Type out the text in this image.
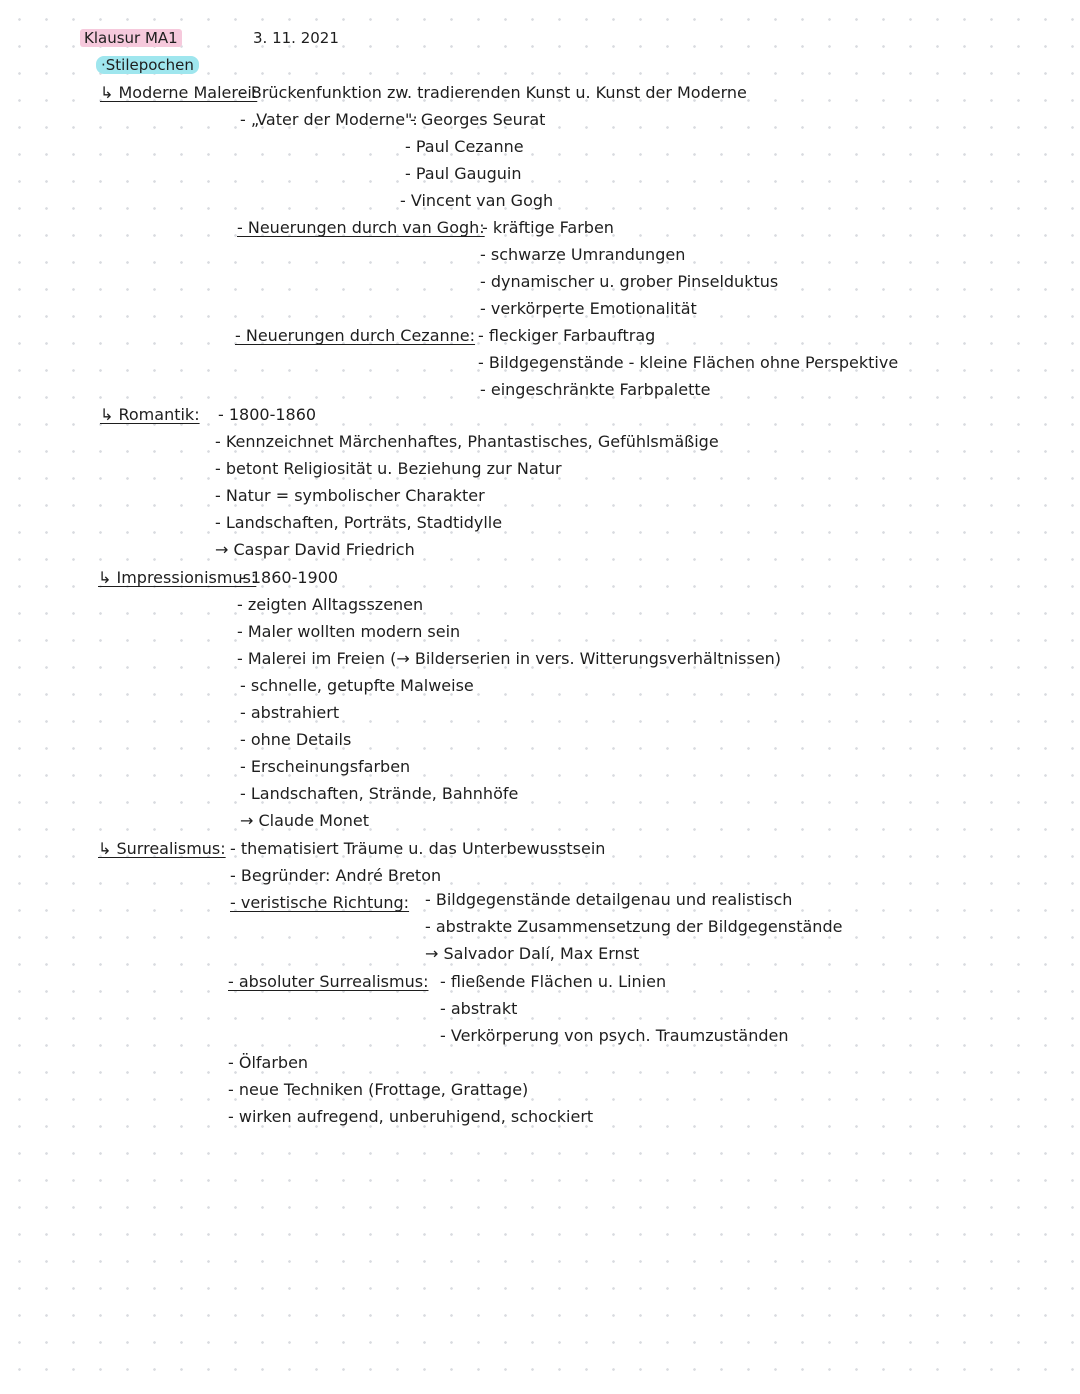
Klausur MA1	3. 11. 2021
·Stilepochen
↳ Moderne Malerei:
- Brückenfunktion zw. tradierenden Kunst u. Kunst der Moderne
- „Vater der Moderne":
- Georges Seurat
- Paul Cezanne
- Paul Gauguin
- Vincent van Gogh
- Neuerungen durch van Gogh:
- kräftige Farben
- schwarze Umrandungen
- dynamischer u. grober Pinselduktus
- verkörperte Emotionalität
- Neuerungen durch Cezanne: - fleckiger Farbauftrag
- Bildgegenstände - kleine Flächen ohne Perspektive
- eingeschränkte Farbpalette
↳ Romantik: - 1800-1860
- Kennzeichnet Märchenhaftes, Phantastisches, Gefühlsmäßige
- betont Religiosität u. Beziehung zur Natur
- Natur = symbolischer Charakter
- Landschaften, Porträts, Stadtidylle
→ Caspar David Friedrich
↳ Impressionismus:
- 1860-1900
- zeigten Alltagsszenen
- Maler wollten modern sein
- Malerei im Freien (→ Bilderserien in vers. Witterungsverhältnissen)
- schnelle, getupfte Malweise
- abstrahiert
- ohne Details
- Erscheinungsfarben
- Landschaften, Strände, Bahnhöfe
→ Claude Monet
↳ Surrealismus: - thematisiert Träume u. das Unterbewusstsein
- Begründer: André Breton
- veristische Richtung: - Bildgegenstände detailgenau und realistisch
- abstrakte Zusammensetzung der Bildgegenstände
→ Salvador Dalí, Max Ernst
- absoluter Surrealismus: - fließende Flächen u. Linien
- abstrakt
- Verkörperung von psych. Traumzuständen
- Ölfarben
- neue Techniken (Frottage, Grattage)
- wirken aufregend, unberuhigend, schockiert
